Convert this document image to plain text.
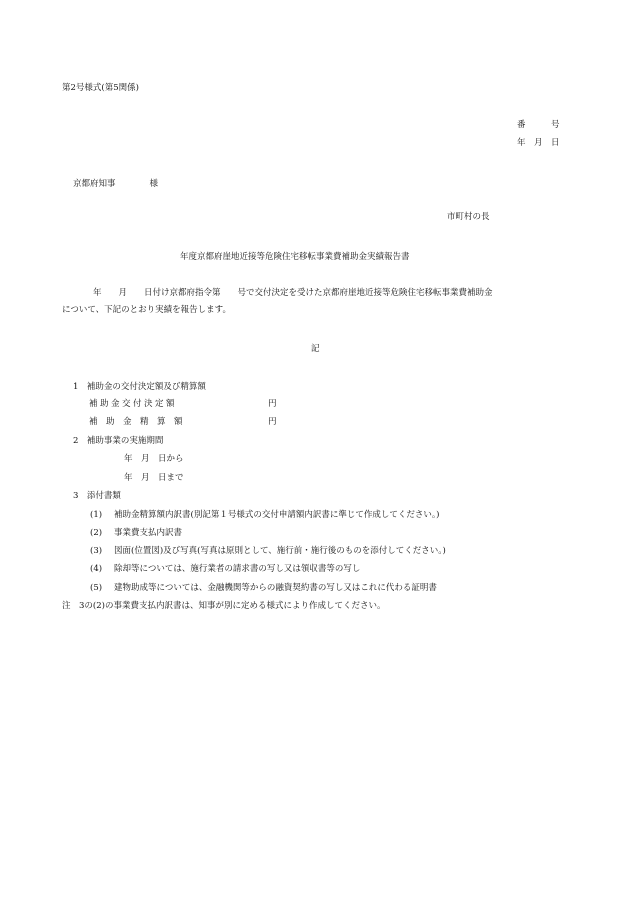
第2号様式(第5関係)
番　　　号
年　月　日
京都府知事　　　　様
市町村の長
年度京都府崖地近接等危険住宅移転事業費補助金実績報告書
年　　月　　日付け京都府指令第　　号で交付決定を受けた京都府崖地近接等危険住宅移転事業費補助金
について、下記のとおり実績を報告します。
記
1　補助金の交付決定額及び精算額
補助金交付決定額	円
補助金精算額	円
2　補助事業の実施期間
年　月　日から
年　月　日まで
3　添付書類
(1) 補助金精算額内訳書(別記第１号様式の交付申請額内訳書に準じて作成してください。)
(2) 事業費支払内訳書
(3) 図面(位置図)及び写真(写真は原則として、施行前・施行後のものを添付してください。)
(4) 除却等については、施行業者の請求書の写し又は領収書等の写し
(5) 建物助成等については、金融機関等からの融資契約書の写し又はこれに代わる証明書
注　3の(2)の事業費支払内訳書は、知事が別に定める様式により作成してください。
